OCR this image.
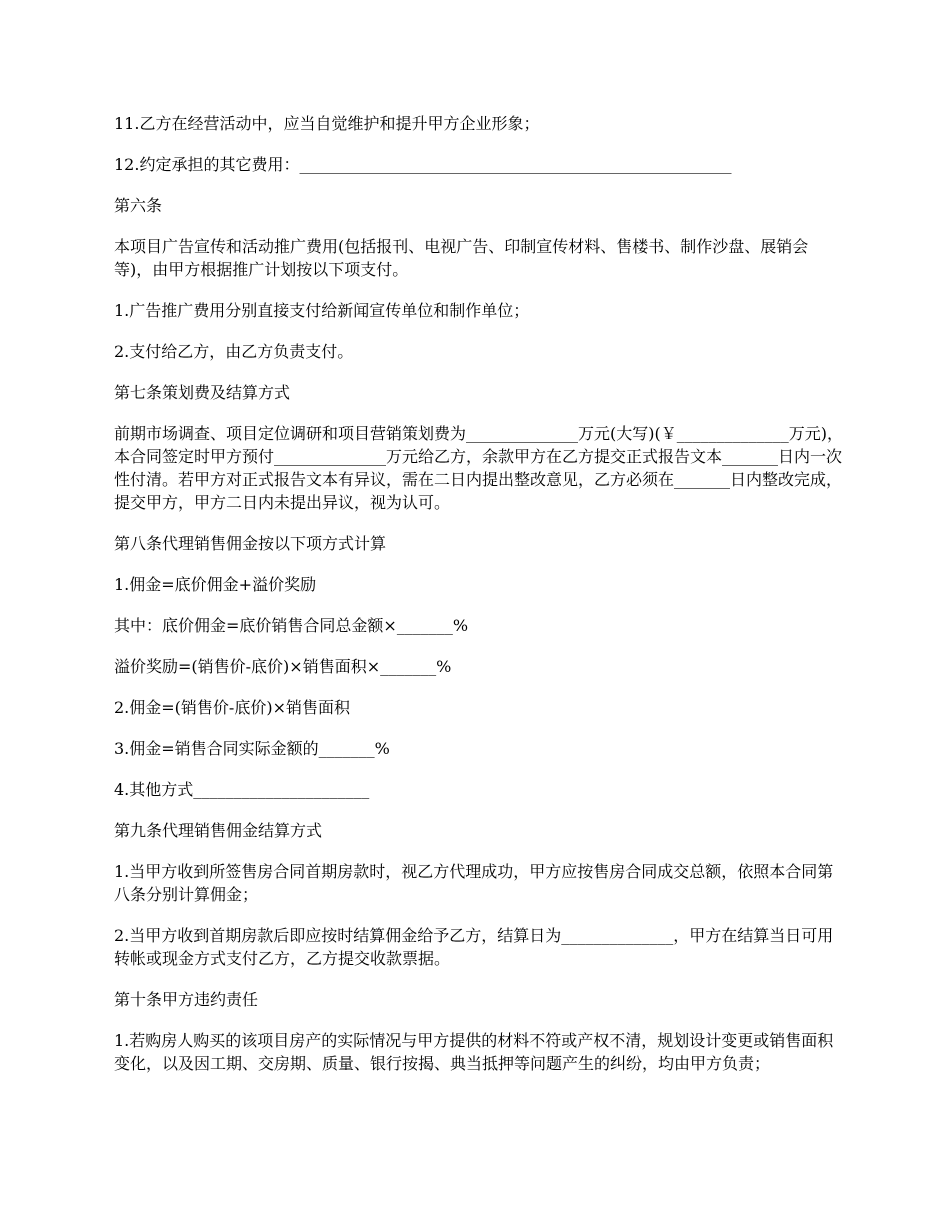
11.乙方在经营活动中，应当自觉维护和提升甲方企业形象；

12.约定承担的其它费用：______________________________________________________

第六条

本项目广告宣传和活动推广费用(包括报刊、电视广告、印制宣传材料、售楼书、制作沙盘、展销会等)，由甲方根据推广计划按以下项支付。

1.广告推广费用分别直接支付给新闻宣传单位和制作单位；

2.支付给乙方，由乙方负责支付。

第七条策划费及结算方式

前期市场调查、项目定位调研和项目营销策划费为______________万元(大写)(￥______________万元)，本合同签定时甲方预付______________万元给乙方，余款甲方在乙方提交正式报告文本_______日内一次性付清。若甲方对正式报告文本有异议，需在二日内提出整改意见，乙方必须在_______日内整改完成，提交甲方，甲方二日内未提出异议，视为认可。

第八条代理销售佣金按以下项方式计算

1.佣金=底价佣金+溢价奖励

其中：底价佣金=底价销售合同总金额×_______%

溢价奖励=(销售价-底价)×销售面积×_______%

2.佣金=(销售价-底价)×销售面积

3.佣金=销售合同实际金额的_______%

4.其他方式______________________

第九条代理销售佣金结算方式

1.当甲方收到所签售房合同首期房款时，视乙方代理成功，甲方应按售房合同成交总额，依照本合同第八条分别计算佣金；

2.当甲方收到首期房款后即应按时结算佣金给予乙方，结算日为______________，甲方在结算当日可用转帐或现金方式支付乙方，乙方提交收款票据。

第十条甲方违约责任

1.若购房人购买的该项目房产的实际情况与甲方提供的材料不符或产权不清，规划设计变更或销售面积变化，以及因工期、交房期、质量、银行按揭、典当抵押等问题产生的纠纷，均由甲方负责；
